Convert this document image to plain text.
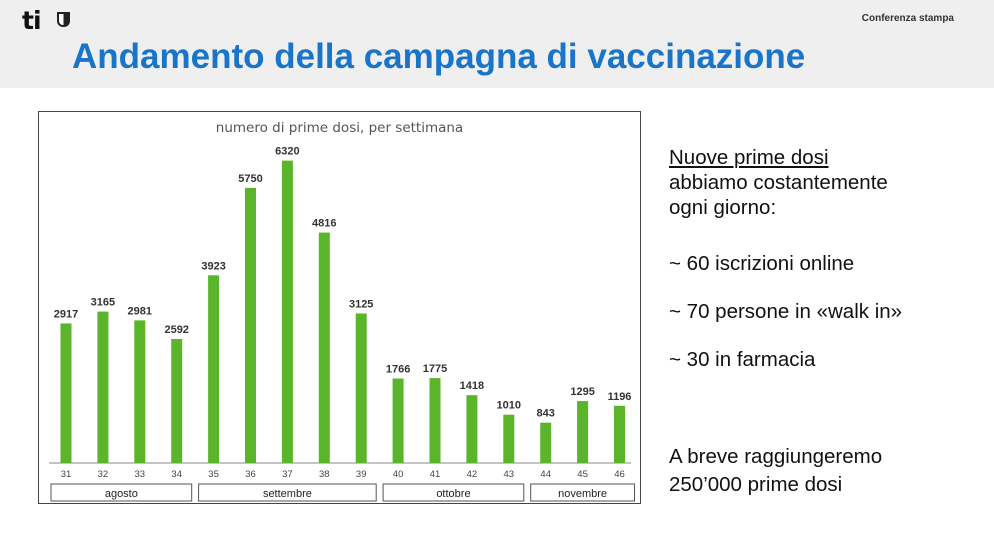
ti	Conferenza stampa
Andamento della campagna di vaccinazione
numero di prime dosi, per settimana
2917
31
3165
32
2981
33
2592
34
3923
35
5750
36
6320
37
4816
38
3125
39
1766
40
1775
41
1418
42
1010
43
843
44
1295
45
1196
46
agosto	settembre	ottobre	novembre

Nuove prime dosi

abbiamo costantemente

ogni giorno:

~ 60 iscrizioni online
~ 70 persone in «walk in»
~ 30 in farmacia

A breve raggiungeremo

250’000 prime dosi
